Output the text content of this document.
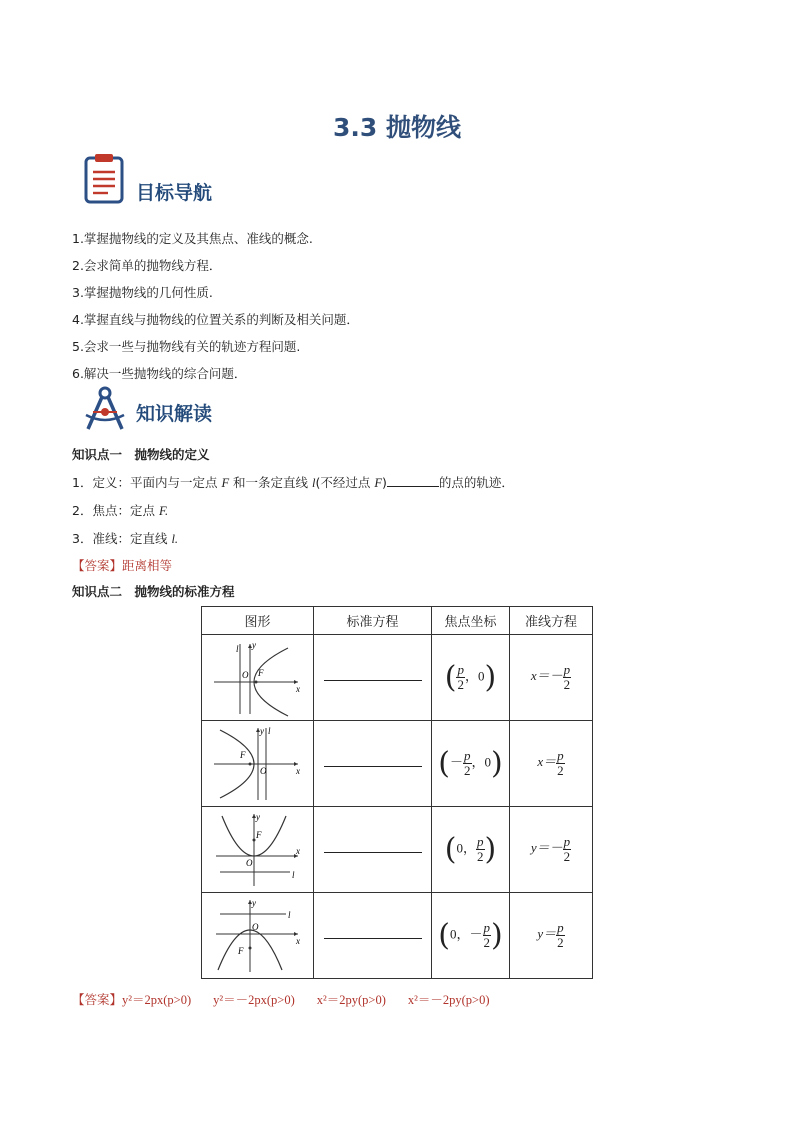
3.3 抛物线
目标导航
1.掌握抛物线的定义及其焦点、准线的概念.
2.会求简单的抛物线方程．
3.掌握抛物线的几何性质.
4.掌握直线与抛物线的位置关系的判断及相关问题．
5.会求一些与抛物线有关的轨迹方程问题.
6.解决一些抛物线的综合问题．
知识解读
知识点一　抛物线的定义
1．定义：平面内与一定点 F 和一条定直线 l(不经过点 F)	的点的轨迹．
2．焦点：定点 F.
3．准线：定直线 l.
【答案】距离相等
知识点二　抛物线的标准方程
图形	标准方程	焦点坐标	准线方程

l y
F
O
x		( $\frac{p}{2}$ ，0)	$x=- \frac{p}{2}$

y l
F
O x		(－ $\frac{p}{2}$ ，0)	$x= \frac{p}{2}$

y
F
O
x
l		(0， $\frac{p}{2}$ )	$y=- \frac{p}{2}$

y
l
O
x
F		(0，－ $\frac{p}{2}$ )	$y= \frac{p}{2}$
【答案】y²＝2px(p>0) y²＝－2px(p>0) x²＝2py(p>0) x²＝－2py(p>0)
